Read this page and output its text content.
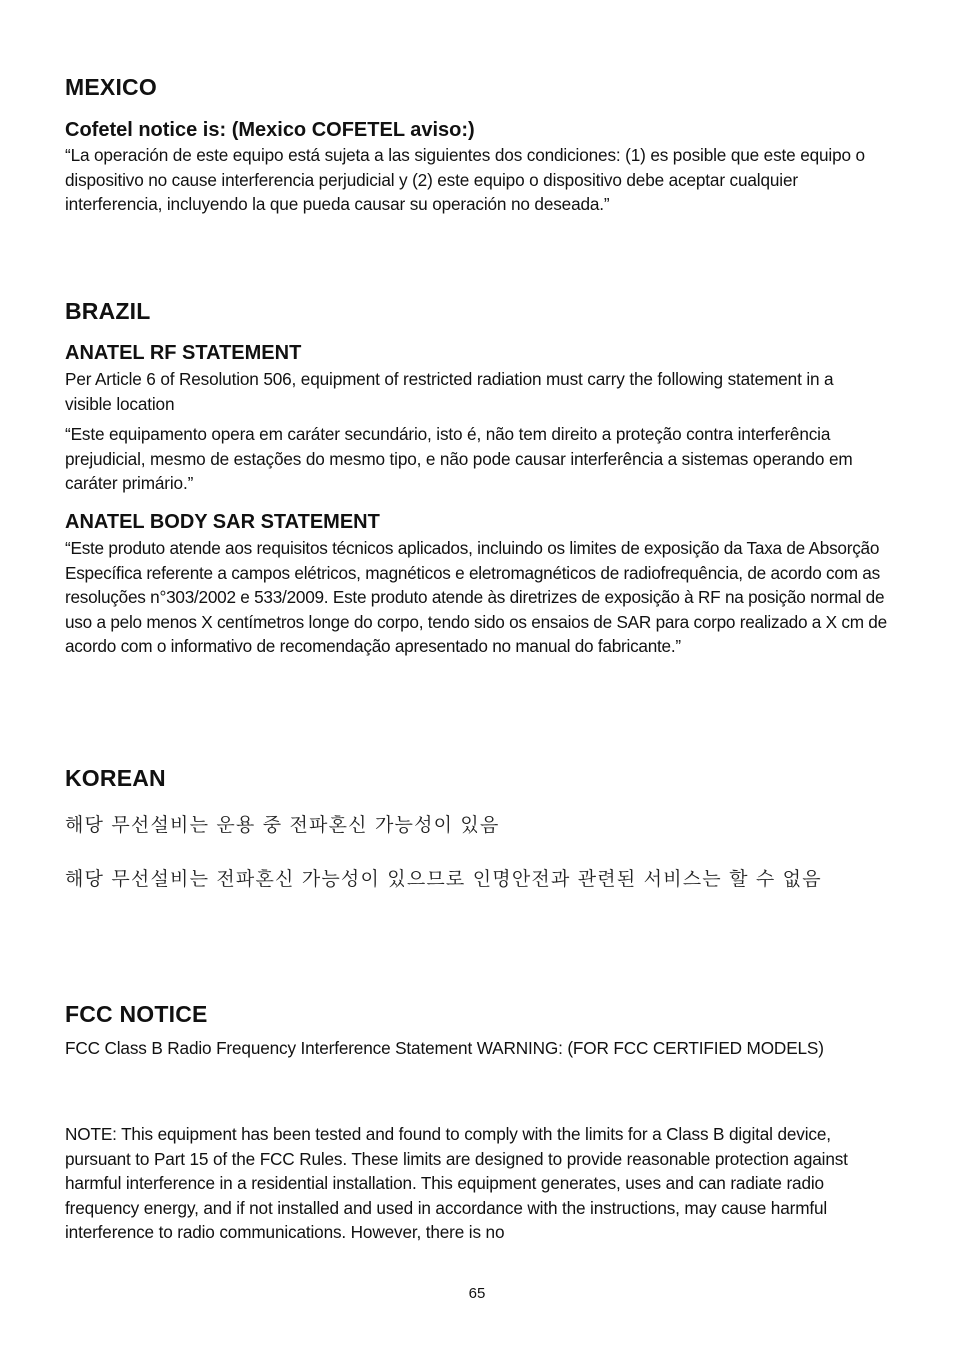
MEXICO
Cofetel notice is: (Mexico COFETEL aviso:)
“La operación de este equipo está sujeta a las siguientes dos condiciones: (1) es posible que este equipo o dispositivo no cause interferencia perjudicial y (2) este equipo o dispositivo debe aceptar cualquier interferencia, incluyendo la que pueda causar su operación no deseada.”
BRAZIL
ANATEL RF STATEMENT
Per Article 6 of Resolution 506, equipment of restricted radiation must carry the following statement in a visible location
“Este equipamento opera em caráter secundário, isto é, não tem direito a proteção contra interferência prejudicial, mesmo de estações do mesmo tipo, e não pode causar interferência a sistemas operando em caráter primário.”
ANATEL BODY SAR STATEMENT
“Este produto atende aos requisitos técnicos aplicados, incluindo os limites de exposição da Taxa de Absorção Específica referente a campos elétricos, magnéticos e eletromagnéticos de radiofrequência, de acordo com as resoluções n°303/2002 e 533/2009. Este produto atende às diretrizes de exposição à RF na posição normal de uso a pelo menos X centímetros longe do corpo, tendo sido os ensaios de SAR para corpo realizado a X cm de acordo com o informativo de recomendação apresentado no manual do fabricante.”
KOREAN
해당 무선설비는 운용 중 전파혼신 가능성이 있음
해당 무선설비는 전파혼신 가능성이 있으므로 인명안전과 관련된 서비스는 할 수 없음
FCC NOTICE
FCC Class B Radio Frequency Interference Statement WARNING: (FOR FCC CERTIFIED MODELS)
NOTE: This equipment has been tested and found to comply with the limits for a Class B digital device, pursuant to Part 15 of the FCC Rules. These limits are designed to provide reasonable protection against harmful interference in a residential installation. This equipment generates, uses and can radiate radio frequency energy, and if not installed and used in accordance with the instructions, may cause harmful interference to radio communications. However, there is no
65
